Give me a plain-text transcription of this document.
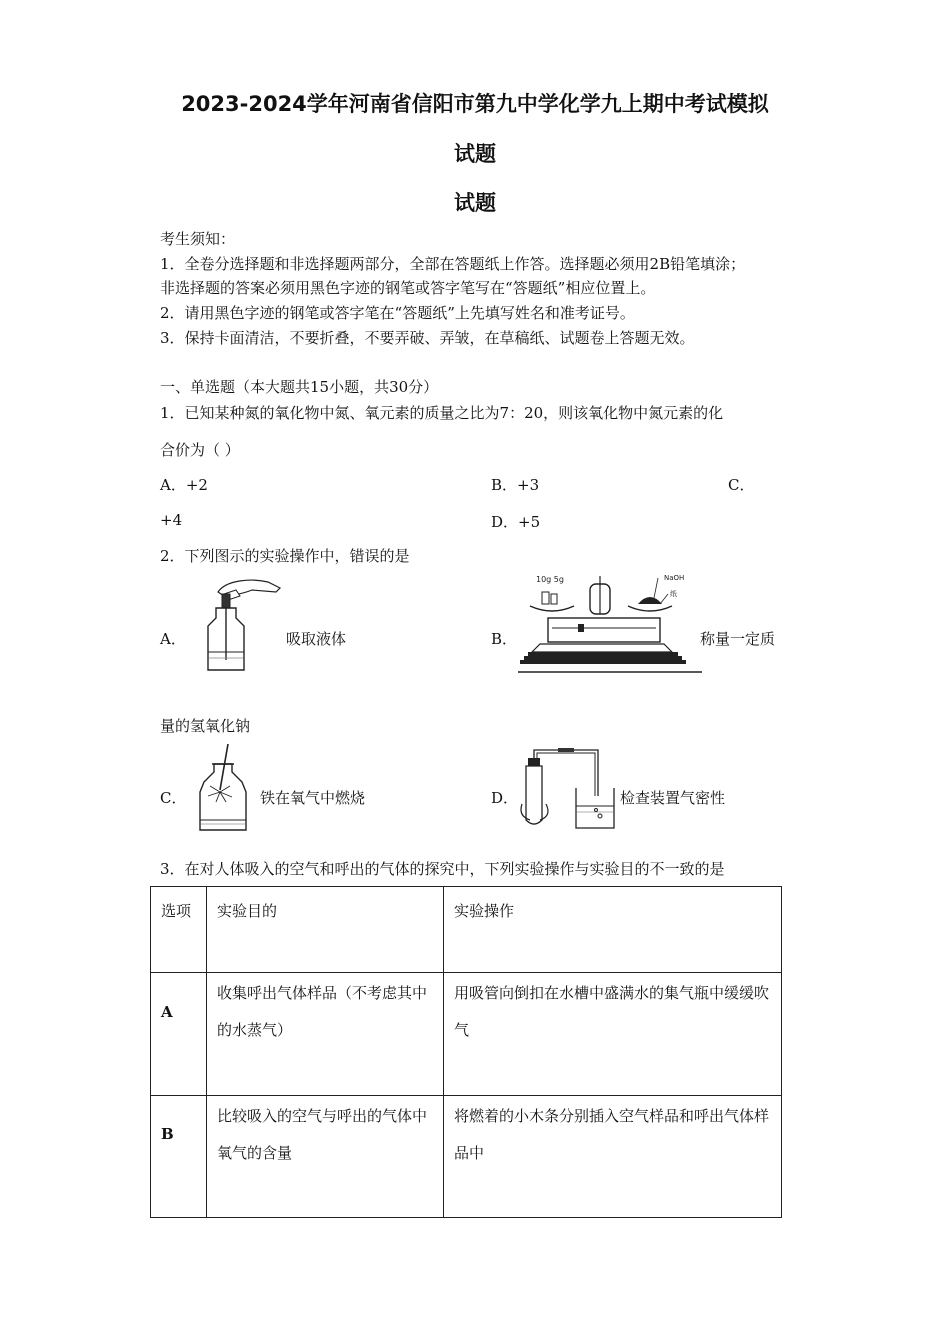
2023-2024学年河南省信阳市第九中学化学九上期中考试模拟
试题
试题
考生须知：
1．全卷分选择题和非选择题两部分，全部在答题纸上作答。选择题必须用2B铅笔填涂；
非选择题的答案必须用黑色字迹的钢笔或答字笔写在“答题纸”相应位置上。
2．请用黑色字迹的钢笔或答字笔在“答题纸”上先填写姓名和准考证号。
3．保持卡面清洁，不要折叠，不要弄破、弄皱，在草稿纸、试题卷上答题无效。
一、单选题（本大题共15小题，共30分）
1．已知某种氮的氧化物中氮、氧元素的质量之比为7：20，则该氧化物中氮元素的化
合价为（ ）
A．+2	B．+3	C．
+4	D．+5
2．下列图示的实验操作中，错误的是
A．	吸取液体	B．
10g 5g	NaOH
纸
称量一定质
量的氢氧化钠
C．	铁在氧气中燃烧	D．	检查装置气密性
3．在对人体吸入的空气和呼出的气体的探究中，下列实验操作与实验目的不一致的是
选项	实验目的	实验操作

A	收集呼出气体样品（不考虑其中的水蒸气）	用吸管向倒扣在水槽中盛满水的集气瓶中缓缓吹气

B	比较吸入的空气与呼出的气体中氧气的含量	将燃着的小木条分别插入空气样品和呼出气体样品中
